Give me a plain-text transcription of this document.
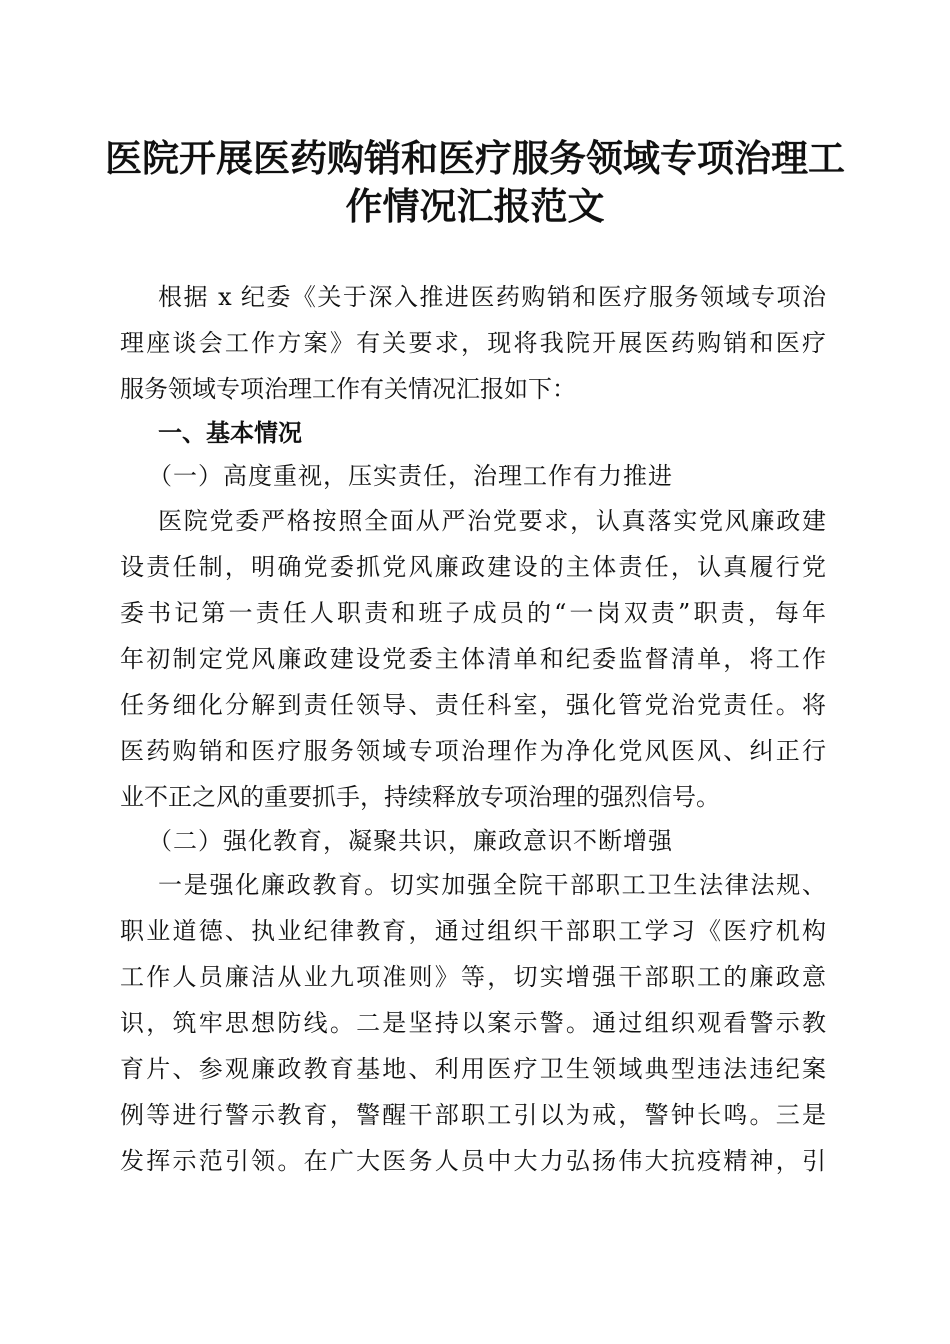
医院开展医药购销和医疗服务领域专项治理工
作情况汇报范文

根据 x 纪委《关于深入推进医药购销和医疗服务领域专项治

理座谈会工作方案》有关要求，现将我院开展医药购销和医疗

服务领域专项治理工作有关情况汇报如下：

一、基本情况

（一）高度重视，压实责任，治理工作有力推进

医院党委严格按照全面从严治党要求，认真落实党风廉政建

设责任制，明确党委抓党风廉政建设的主体责任，认真履行党

委书记第一责任人职责和班子成员的“一岗双责”职责，每年

年初制定党风廉政建设党委主体清单和纪委监督清单，将工作

任务细化分解到责任领导、责任科室，强化管党治党责任。将

医药购销和医疗服务领域专项治理作为净化党风医风、纠正行

业不正之风的重要抓手，持续释放专项治理的强烈信号。

（二）强化教育，凝聚共识，廉政意识不断增强

一是强化廉政教育。切实加强全院干部职工卫生法律法规、

职业道德、执业纪律教育，通过组织干部职工学习《医疗机构

工作人员廉洁从业九项准则》等，切实增强干部职工的廉政意

识，筑牢思想防线。二是坚持以案示警。通过组织观看警示教

育片、参观廉政教育基地、利用医疗卫生领域典型违法违纪案

例等进行警示教育，警醒干部职工引以为戒，警钟长鸣。三是

发挥示范引领。在广大医务人员中大力弘扬伟大抗疫精神，引
